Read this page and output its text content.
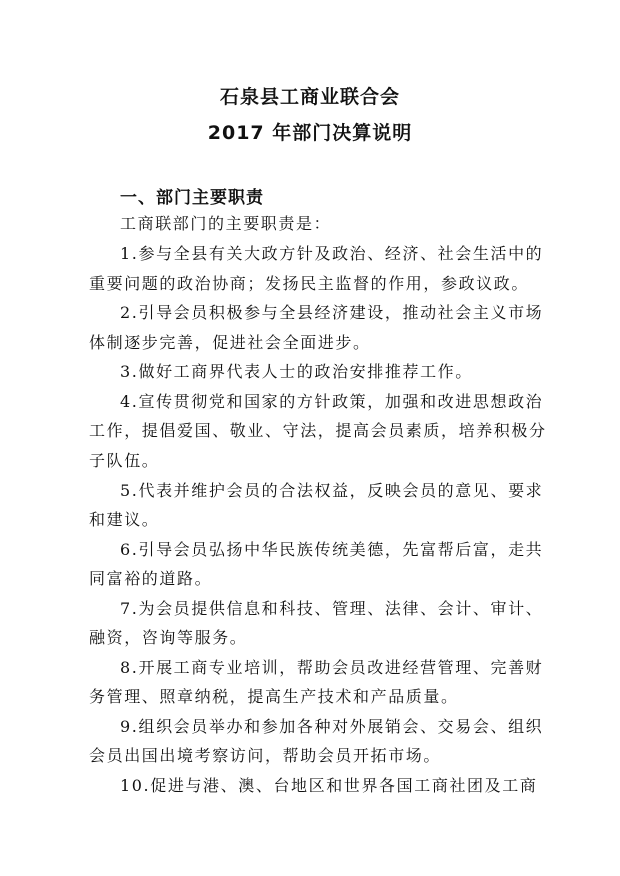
石泉县工商业联合会
2017 年部门决算说明
一、部门主要职责
工商联部门的主要职责是：
1.参与全县有关大政方针及政治、经济、社会生活中的
重要问题的政治协商；发扬民主监督的作用，参政议政。
2.引导会员积极参与全县经济建设，推动社会主义市场
体制逐步完善，促进社会全面进步。
3.做好工商界代表人士的政治安排推荐工作。
4.宣传贯彻党和国家的方针政策，加强和改进思想政治
工作，提倡爱国、敬业、守法，提高会员素质，培养积极分
子队伍。
5.代表并维护会员的合法权益，反映会员的意见、要求
和建议。
6.引导会员弘扬中华民族传统美德，先富帮后富，走共
同富裕的道路。
7.为会员提供信息和科技、管理、法律、会计、审计、
融资，咨询等服务。
8.开展工商专业培训，帮助会员改进经营管理、完善财
务管理、照章纳税，提高生产技术和产品质量。
9.组织会员举办和参加各种对外展销会、交易会、组织
会员出国出境考察访问，帮助会员开拓市场。
10.促进与港、澳、台地区和世界各国工商社团及工商
